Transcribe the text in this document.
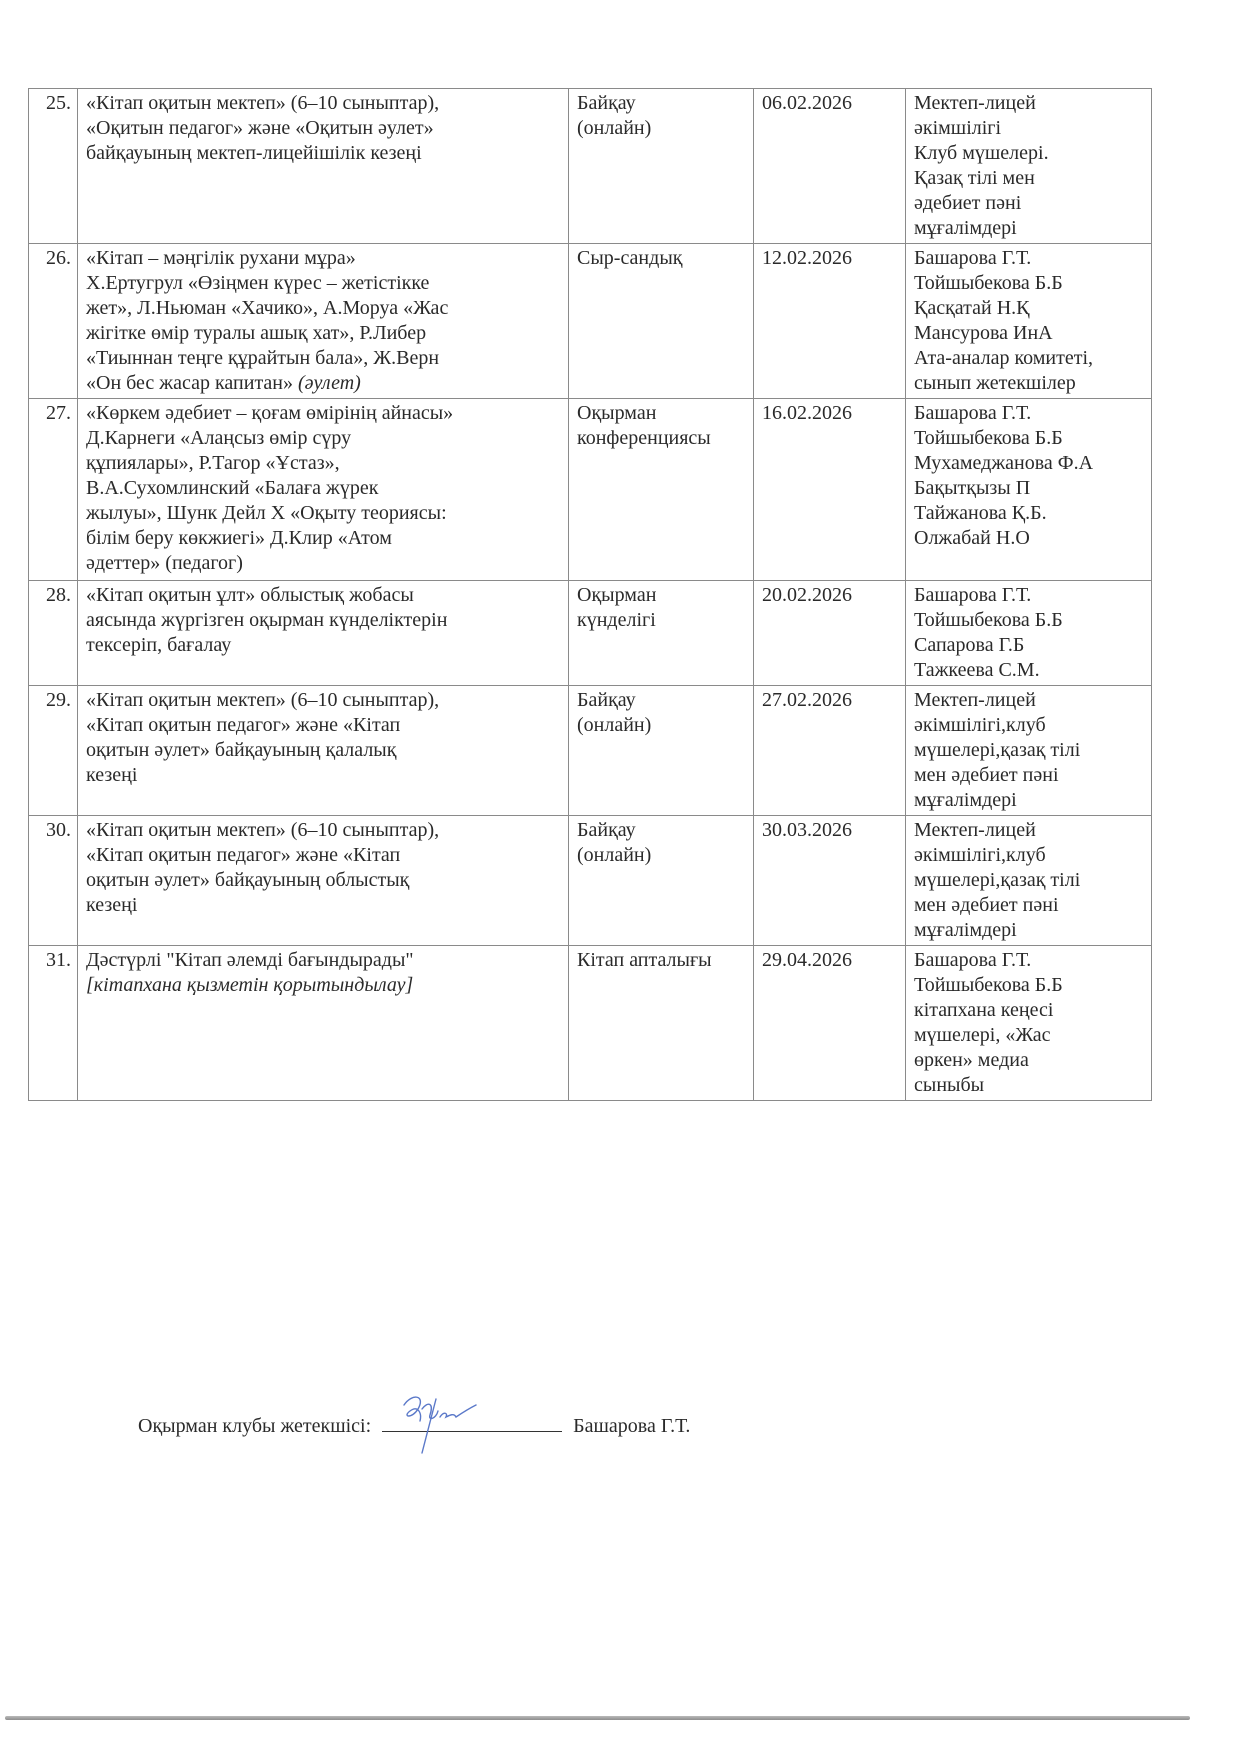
25.	«Кітап оқитын мектеп» (6–10 сыныптар),
«Оқитын педагог» және «Оқитын әулет»
байқауының мектеп-лицейішілік кезеңі

Байқау
(онлайн)
	06.02.2026	Мектеп-лицей
әкімшілігі
Клуб мүшелері.
Қазақ тілі мен
әдебиет пәні
мұғалімдері

26.	«Кітап – мәңгілік рухани мұра»
Х.Ертугрул «Өзіңмен күрес – жетістікке
жет», Л.Ньюман «Хачико», А.Моруа «Жас
жігітке өмір туралы ашық хат», Р.Либер
«Тиыннан теңге құрайтын бала», Ж.Верн
«Он бес жасар капитан» (әулет)	
Сыр-сандық	12.02.2026	Башарова Г.Т.
Тойшыбекова Б.Б
Қасқатай Н.Қ
Мансурова ИнА
Ата-аналар комитеті,
сынып жетекшілер

27.	«Көркем әдебиет – қоғам өмірінің айнасы»
Д.Карнеги «Алаңсыз өмір сүру
құпиялары», Р.Тагор «Ұстаз»,
В.А.Сухомлинский «Балаға жүрек
жылуы», Шунк Дейл Х «Оқыту теориясы:
білім беру көкжиегі» Д.Клир «Атом
әдеттер» (педагог)

Оқырман
конференциясы
	16.02.2026	Башарова Г.Т.
Тойшыбекова Б.Б
Мухамеджанова Ф.А
Бақытқызы П
Тайжанова Қ.Б.
Олжабай Н.О

28.	«Кітап оқитын ұлт» облыстық жобасы
аясында жүргізген оқырман күнделіктерін
тексеріп, бағалау	Оқырман
күнделігі	20.02.2026	Башарова Г.Т.
Тойшыбекова Б.Б
Сапарова Г.Б
Тажкеева С.М.

29.	«Кітап оқитын мектеп» (6–10 сыныптар),
«Кітап оқитын педагог» және «Кітап
оқитын әулет» байқауының қалалық
кезеңі	Байқау
(онлайн)	27.02.2026	Мектеп-лицей
әкімшілігі,клуб
мүшелері,қазақ тілі
мен әдебиет пәні
мұғалімдері

30.	«Кітап оқитын мектеп» (6–10 сыныптар),
«Кітап оқитын педагог» және «Кітап
оқитын әулет» байқауының облыстық
кезеңі	Байқау
(онлайн)	30.03.2026	Мектеп-лицей
әкімшілігі,клуб
мүшелері,қазақ тілі
мен әдебиет пәні
мұғалімдері

31.	Дәстүрлі "Кітап әлемді бағындырады"
[кітапхана қызметін қорытындылау]

Кітап апталығы	29.04.2026	Башарова Г.Т.
Тойшыбекова Б.Б
кітапхана кеңесі
мүшелері, «Жас
өркен» медиа
сыныбы
Оқырман клубы жетекшісі:	Башарова Г.Т.
